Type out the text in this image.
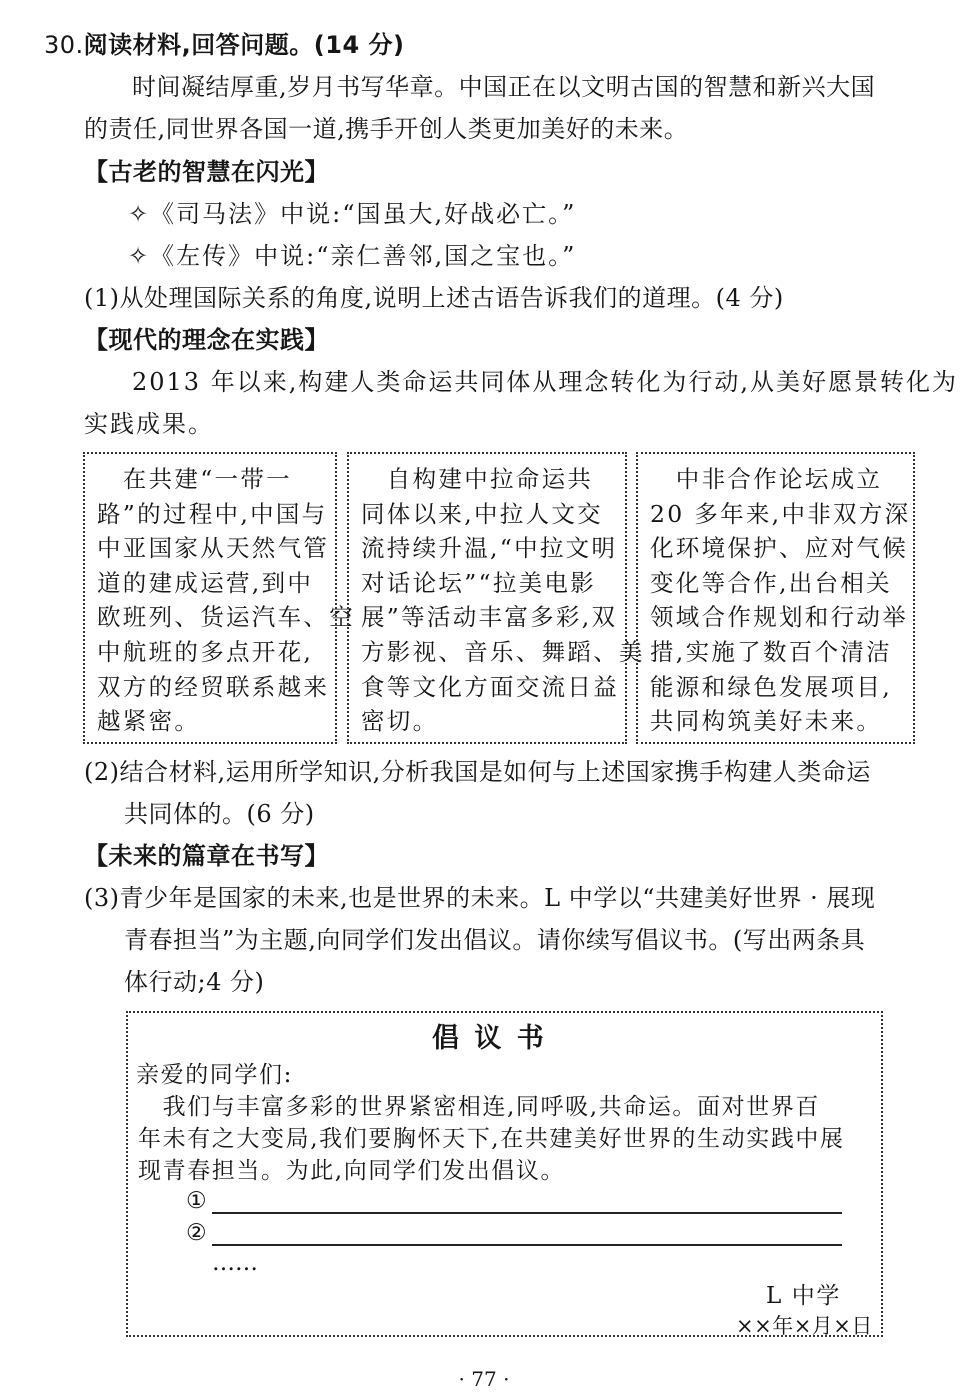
30.阅读材料,回答问题。(14 分)
时间凝结厚重,岁月书写华章。中国正在以文明古国的智慧和新兴大国
的责任,同世界各国一道,携手开创人类更加美好的未来。
【古老的智慧在闪光】
✧《司马法》中说:“国虽大,好战必亡。”
✧《左传》中说:“亲仁善邻,国之宝也。”
(1)从处理国际关系的角度,说明上述古语告诉我们的道理。(4 分)
【现代的理念在实践】
2013 年以来,构建人类命运共同体从理念转化为行动,从美好愿景转化为
实践成果。
　在共建“一带一
路”的过程中,中国与
中亚国家从天然气管
道的建成运营,到中
欧班列、货运汽车、空
中航班的多点开花,
双方的经贸联系越来
越紧密。
　自构建中拉命运共
同体以来,中拉人文交
流持续升温,“中拉文明
对话论坛”“拉美电影
展”等活动丰富多彩,双
方影视、音乐、舞蹈、美
食等文化方面交流日益
密切。
　中非合作论坛成立
20 多年来,中非双方深
化环境保护、应对气候
变化等合作,出台相关
领域合作规划和行动举
措,实施了数百个清洁
能源和绿色发展项目,
共同构筑美好未来。
(2)结合材料,运用所学知识,分析我国是如何与上述国家携手构建人类命运
共同体的。(6 分)
【未来的篇章在书写】
(3)青少年是国家的未来,也是世界的未来。L 中学以“共建美好世界 · 展现
青春担当”为主题,向同学们发出倡议。请你续写倡议书。(写出两条具
体行动;4 分)
倡 议 书
亲爱的同学们:
　我们与丰富多彩的世界紧密相连,同呼吸,共命运。面对世界百
年未有之大变局,我们要胸怀天下,在共建美好世界的生动实践中展
现青春担当。为此,向同学们发出倡议。
①
②
……
L 中学
××年×月×日
· 77 ·
